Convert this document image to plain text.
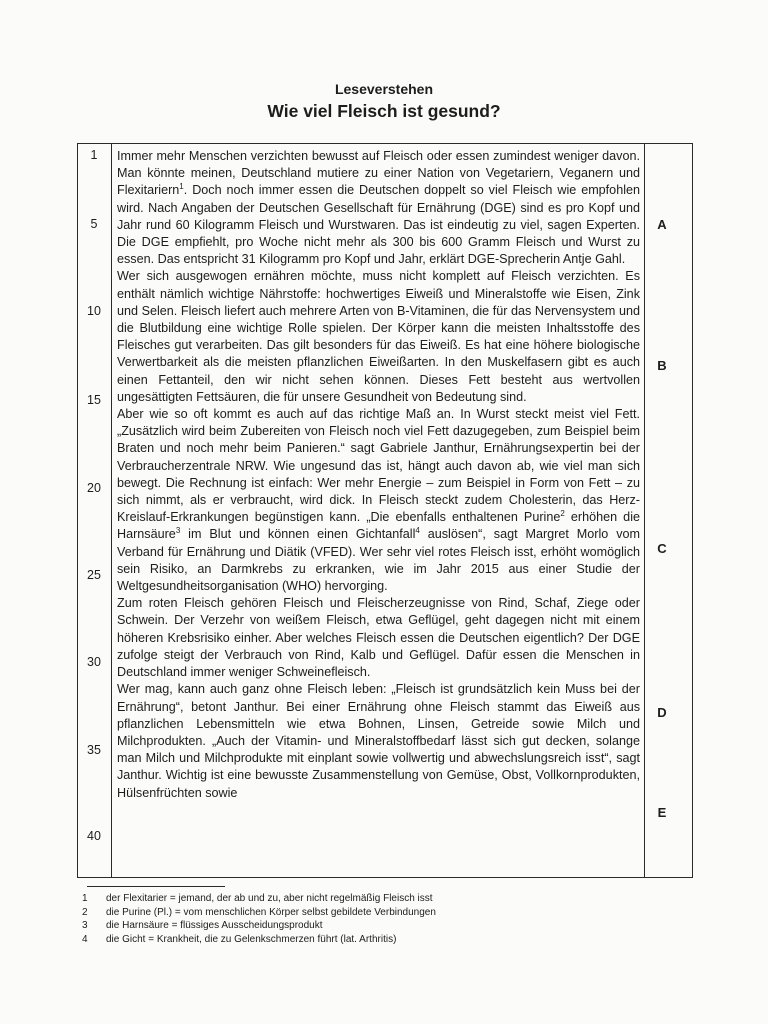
Leseverstehen
Wie viel Fleisch ist gesund?
1
5
10
15
20
25
30
35
40
A
B
C
D
E

Immer mehr Menschen verzichten bewusst auf Fleisch oder essen zumindest weniger davon. Man könnte meinen, Deutschland mutiere zu einer Nation von Vegetariern, Veganern und Flexitariern$^1$. Doch noch immer essen die Deutschen doppelt so viel Fleisch wie empfohlen wird. Nach Angaben der Deutschen Gesellschaft für Ernährung (DGE) sind es pro Kopf und Jahr rund 60 Kilogramm Fleisch und Wurstwaren. Das ist eindeutig zu viel, sagen Experten. Die DGE empfiehlt, pro Woche nicht mehr als 300 bis 600 Gramm Fleisch und Wurst zu essen. Das entspricht 31 Kilogramm pro Kopf und Jahr, erklärt DGE-Sprecherin Antje Gahl.

Wer sich ausgewogen ernähren möchte, muss nicht komplett auf Fleisch verzichten. Es enthält nämlich wichtige Nährstoffe: hochwertiges Eiweiß und Mineralstoffe wie Eisen, Zink und Selen. Fleisch liefert auch mehrere Arten von B-Vitaminen, die für das Nervensystem und die Blutbildung eine wichtige Rolle spielen. Der Körper kann die meisten Inhaltsstoffe des Fleisches gut verarbeiten. Das gilt besonders für das Eiweiß. Es hat eine höhere biologische Verwertbarkeit als die meisten pflanzlichen Eiweißarten. In den Muskelfasern gibt es auch einen Fettanteil, den wir nicht sehen können. Dieses Fett besteht aus wertvollen ungesättigten Fettsäuren, die für unsere Gesundheit von Bedeutung sind.

Aber wie so oft kommt es auch auf das richtige Maß an. In Wurst steckt meist viel Fett. „Zusätzlich wird beim Zubereiten von Fleisch noch viel Fett dazugegeben, zum Beispiel beim Braten und noch mehr beim Panieren.“ sagt Gabriele Janthur, Ernährungsexpertin bei der Verbraucherzentrale NRW. Wie ungesund das ist, hängt auch davon ab, wie viel man sich bewegt. Die Rechnung ist einfach: Wer mehr Energie – zum Beispiel in Form von Fett – zu sich nimmt, als er verbraucht, wird dick. In Fleisch steckt zudem Cholesterin, das Herz-Kreislauf-Erkrankungen begünstigen kann. „Die ebenfalls enthaltenen Purine$^2$ erhöhen die Harnsäure$^3$ im Blut und können einen Gichtanfall$^4$ auslösen“, sagt Margret Morlo vom Verband für Ernährung und Diätik (VFED). Wer sehr viel rotes Fleisch isst, erhöht womöglich sein Risiko, an Darmkrebs zu erkranken, wie im Jahr 2015 aus einer Studie der Weltgesundheitsorganisation (WHO) hervorging.

Zum roten Fleisch gehören Fleisch und Fleischerzeugnisse von Rind, Schaf, Ziege oder Schwein. Der Verzehr von weißem Fleisch, etwa Geflügel, geht dagegen nicht mit einem höheren Krebsrisiko einher. Aber welches Fleisch essen die Deutschen eigentlich? Der DGE zufolge steigt der Verbrauch von Rind, Kalb und Geflügel. Dafür essen die Menschen in Deutschland immer weniger Schweinefleisch.

Wer mag, kann auch ganz ohne Fleisch leben: „Fleisch ist grundsätzlich kein Muss bei der Ernährung“, betont Janthur. Bei einer Ernährung ohne Fleisch stammt das Eiweiß aus pflanzlichen Lebensmitteln wie etwa Bohnen, Linsen, Getreide sowie Milch und Milchprodukten. „Auch der Vitamin- und Mineralstoffbedarf lässt sich gut decken, solange man Milch und Milchprodukte mit einplant sowie vollwertig und abwechslungsreich isst“, sagt Janthur. Wichtig ist eine bewusste Zusammenstellung von Gemüse, Obst, Vollkornprodukten, Hülsenfrüchten sowie

1	der Flexitarier = jemand, der ab und zu, aber nicht regelmäßig Fleisch isst
2	die Purine (Pl.) = vom menschlichen Körper selbst gebildete Verbindungen
3	die Harnsäure = flüssiges Ausscheidungsprodukt
4	die Gicht = Krankheit, die zu Gelenkschmerzen führt (lat. Arthritis)
